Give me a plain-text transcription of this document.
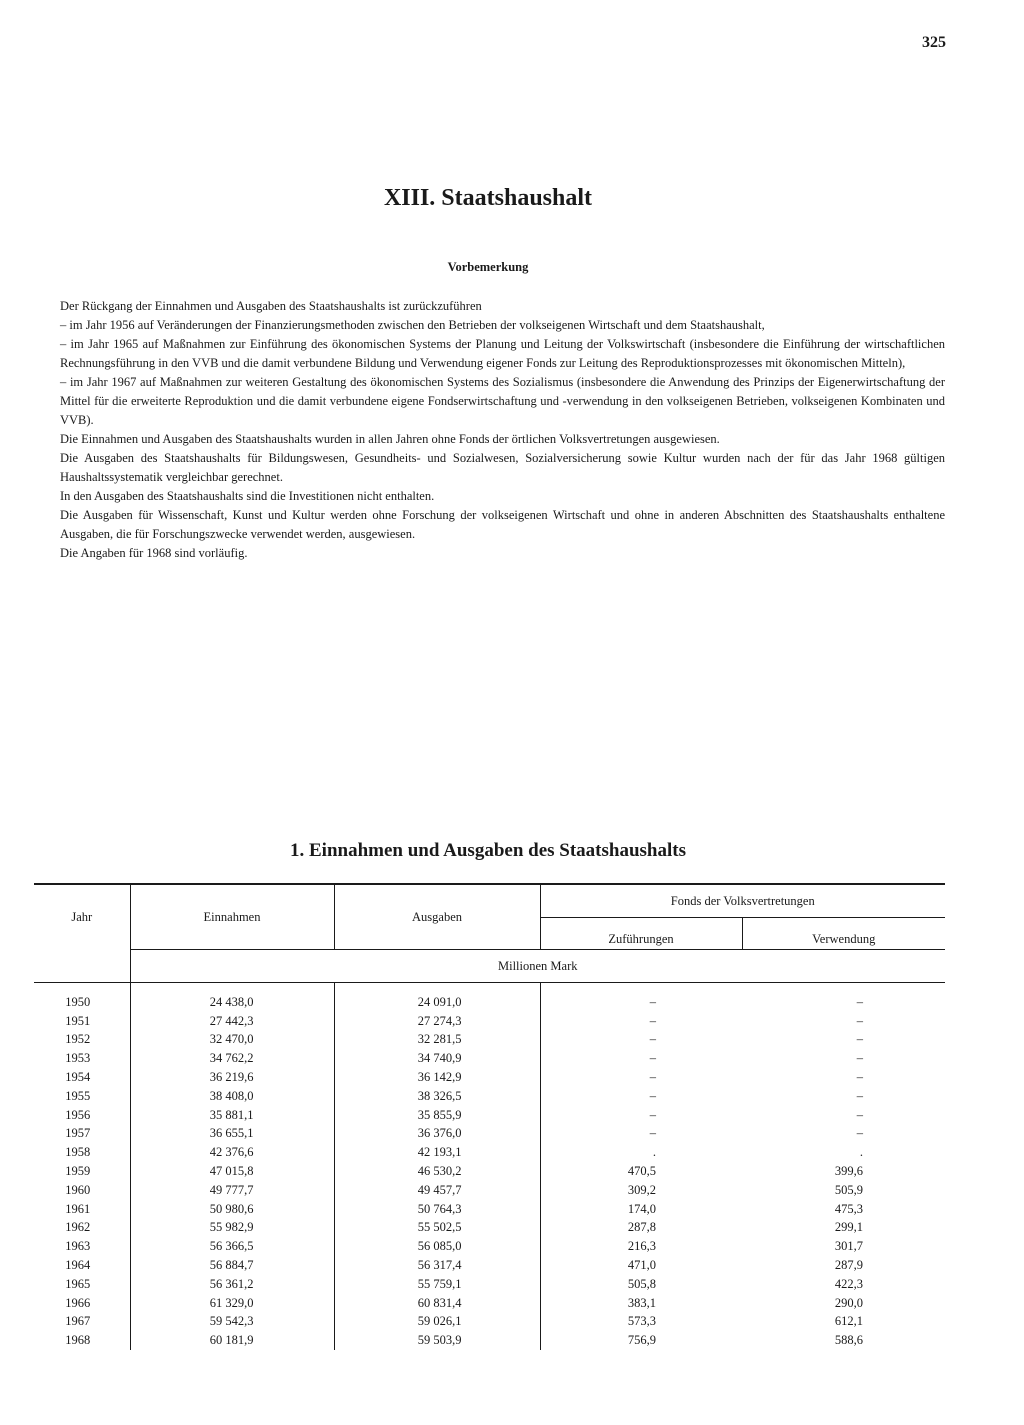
325
XIII. Staatshaushalt
Vorbemerkung

Der Rückgang der Einnahmen und Ausgaben des Staatshaushalts ist zurückzuführen

– im Jahr 1956 auf Veränderungen der Finanzierungsmethoden zwischen den Betrieben der volkseigenen Wirtschaft und dem Staatshaushalt,

– im Jahr 1965 auf Maßnahmen zur Einführung des ökonomischen Systems der Planung und Leitung der Volkswirtschaft (insbesondere die Einführung der wirtschaftlichen Rechnungsführung in den VVB und die damit verbundene Bildung und Verwendung eigener Fonds zur Leitung des Reproduktionsprozesses mit ökonomischen Mitteln),

– im Jahr 1967 auf Maßnahmen zur weiteren Gestaltung des ökonomischen Systems des Sozialismus (insbesondere die Anwendung des Prinzips der Eigenerwirtschaftung der Mittel für die erweiterte Reproduktion und die damit verbundene eigene Fondserwirtschaftung und -verwendung in den volkseigenen Betrieben, volkseigenen Kombinaten und VVB).

Die Einnahmen und Ausgaben des Staatshaushalts wurden in allen Jahren ohne Fonds der örtlichen Volksvertretungen ausgewiesen.

Die Ausgaben des Staatshaushalts für Bildungswesen, Gesundheits- und Sozialwesen, Sozialversicherung sowie Kultur wurden nach der für das Jahr 1968 gültigen Haushaltssystematik vergleichbar gerechnet.

In den Ausgaben des Staatshaushalts sind die Investitionen nicht enthalten.

Die Ausgaben für Wissenschaft, Kunst und Kultur werden ohne Forschung der volkseigenen Wirtschaft und ohne in anderen Abschnitten des Staatshaushalts enthaltene Ausgaben, die für Forschungszwecke verwendet werden, ausgewiesen.

Die Angaben für 1968 sind vorläufig.

1. Einnahmen und Ausgaben des Staatshaushalts
Jahr	Einnahmen	Ausgaben	Fonds der Volksvertretungen	
			Zuführungen	Verwendung
	Millionen Mark			
1950	24 438,0	24 091,0	–	–
1951	27 442,3	27 274,3	–	–
1952	32 470,0	32 281,5	–	–
1953	34 762,2	34 740,9	–	–
1954	36 219,6	36 142,9	–	–
1955	38 408,0	38 326,5	–	–
1956	35 881,1	35 855,9	–	–
1957	36 655,1	36 376,0	–	–
1958	42 376,6	42 193,1	.	.
1959	47 015,8	46 530,2	470,5	399,6
1960	49 777,7	49 457,7	309,2	505,9
1961	50 980,6	50 764,3	174,0	475,3
1962	55 982,9	55 502,5	287,8	299,1
1963	56 366,5	56 085,0	216,3	301,7
1964	56 884,7	56 317,4	471,0	287,9
1965	56 361,2	55 759,1	505,8	422,3
1966	61 329,0	60 831,4	383,1	290,0
1967	59 542,3	59 026,1	573,3	612,1
1968	60 181,9	59 503,9	756,9	588,6
